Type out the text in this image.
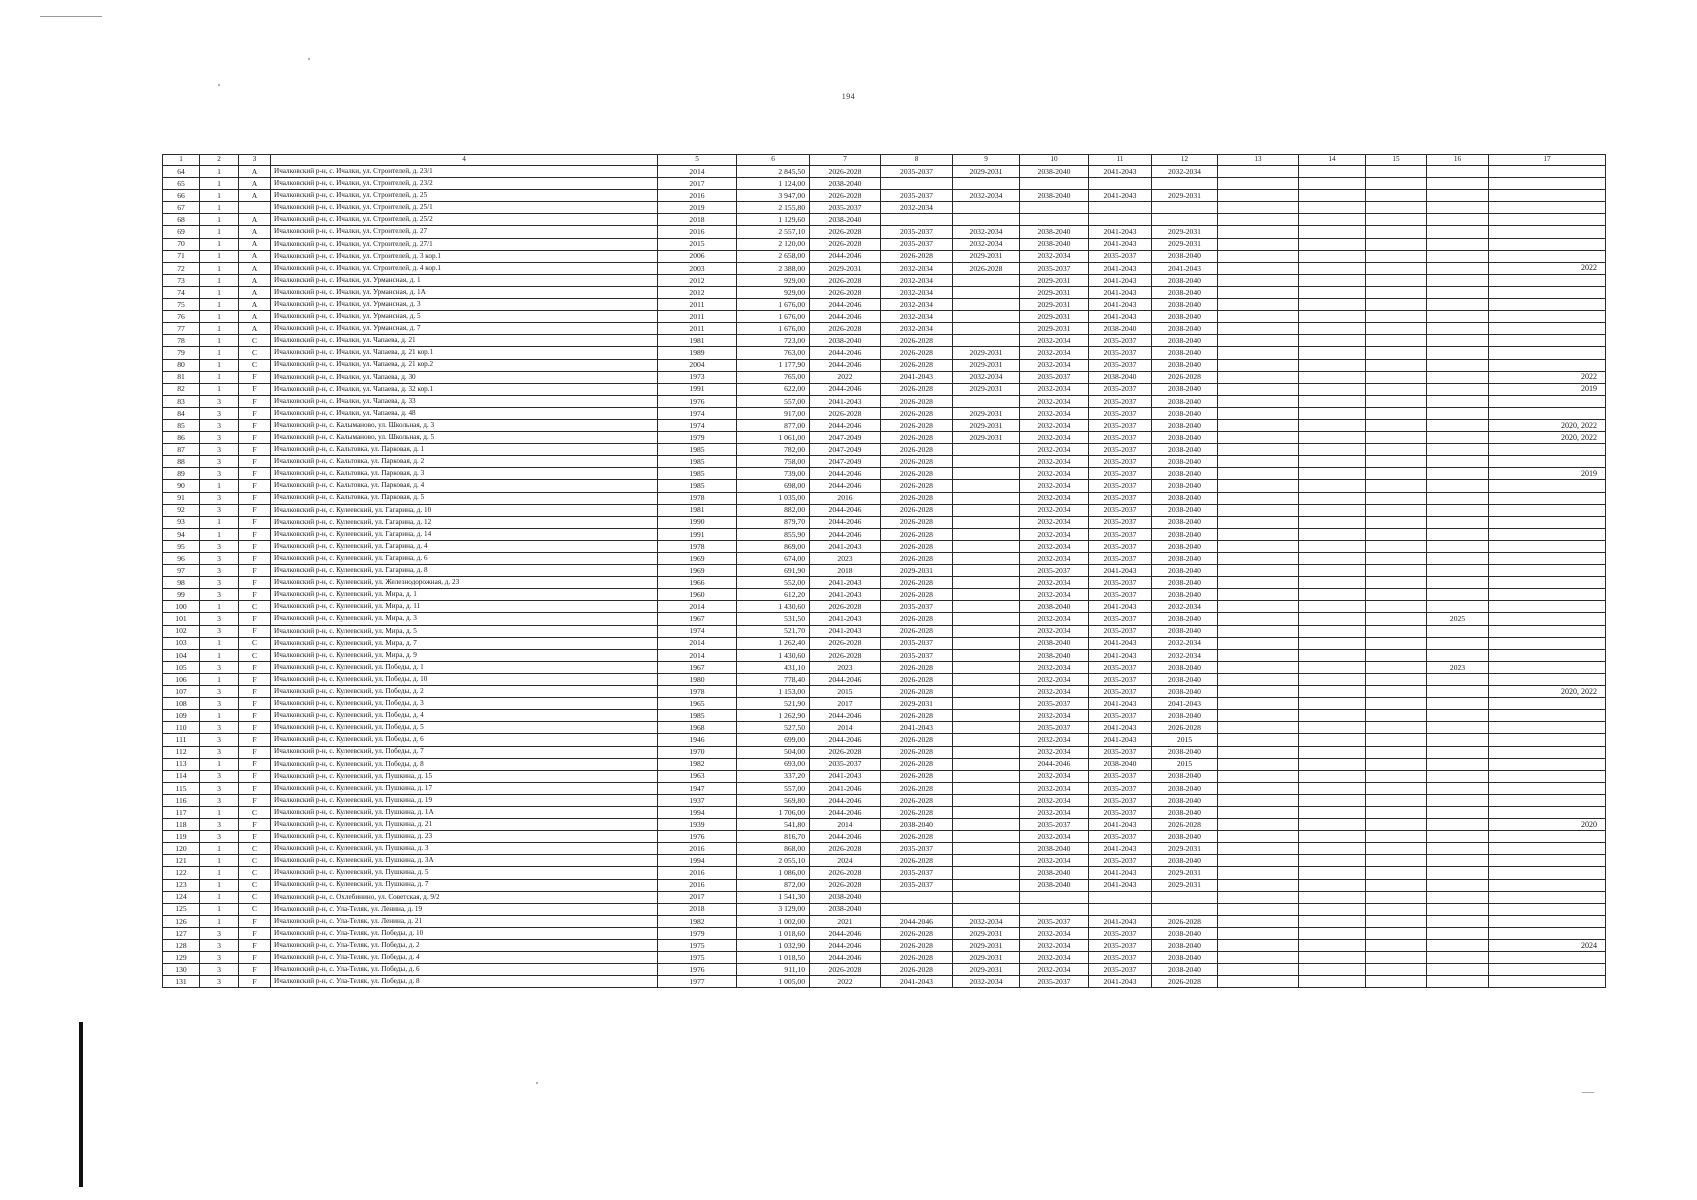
194
1	2	3	4	5	6	7	8	9	10	11	12	13	14	15	16	17
64	1	A	Ичалковский р-н, с. Ичалки, ул. Строителей, д. 23/1	2014	2 845,50	2026-2028	2035-2037	2029-2031	2038-2040	2041-2043	2032-2034					
65	1	A	Ичалковский р-н, с. Ичалки, ул. Строителей, д. 23/2	2017	1 124,00	2038-2040										
66	1	A	Ичалковский р-н, с. Ичалки, ул. Строителей, д. 25	2016	3 947,00	2026-2028	2035-2037	2032-2034	2038-2040	2041-2043	2029-2031					
67	1		Ичалковский р-н, с. Ичалки, ул. Строителей, д. 25/1	2019	2 155,80	2035-2037	2032-2034									
68	1	A	Ичалковский р-н, с. Ичалки, ул. Строителей, д. 25/2	2018	1 129,60	2038-2040										
69	1	A	Ичалковский р-н, с. Ичалки, ул. Строителей, д. 27	2016	2 557,10	2026-2028	2035-2037	2032-2034	2038-2040	2041-2043	2029-2031					
70	1	A	Ичалковский р-н, с. Ичалки, ул. Строителей, д. 27/1	2015	2 120,00	2026-2028	2035-2037	2032-2034	2038-2040	2041-2043	2029-2031					
71	1	A	Ичалковский р-н, с. Ичалки, ул. Строителей, д. 3 кор.1	2006	2 658,00	2044-2046	2026-2028	2029-2031	2032-2034	2035-2037	2038-2040					
72	1	A	Ичалковский р-н, с. Ичалки, ул. Строителей, д. 4 кор.1	2003	2 388,00	2029-2031	2032-2034	2026-2028	2035-2037	2041-2043	2041-2043					2022
73	1	A	Ичалковский р-н, с. Ичалки, ул. Урмансная, д. 1	2012	929,00	2026-2028	2032-2034		2029-2031	2041-2043	2038-2040					
74	1	A	Ичалковский р-н, с. Ичалки, ул. Урмансная, д. 1А	2012	929,00	2026-2028	2032-2034		2029-2031	2041-2043	2038-2040					
75	1	A	Ичалковский р-н, с. Ичалки, ул. Урмансная, д. 3	2011	1 676,00	2044-2046	2032-2034		2029-2031	2041-2043	2038-2040					
76	1	A	Ичалковский р-н, с. Ичалки, ул. Урмансная, д. 5	2011	1 676,00	2044-2046	2032-2034		2029-2031	2041-2043	2038-2040					
77	1	A	Ичалковский р-н, с. Ичалки, ул. Урмансная, д. 7	2011	1 676,00	2026-2028	2032-2034		2029-2031	2038-2040	2038-2040					
78	1	C	Ичалковский р-н, с. Ичалки, ул. Чапаева, д. 21	1981	723,00	2038-2040	2026-2028		2032-2034	2035-2037	2038-2040					
79	1	C	Ичалковский р-н, с. Ичалки, ул. Чапаева, д. 21 кор.1	1989	763,00	2044-2046	2026-2028	2029-2031	2032-2034	2035-2037	2038-2040					
80	1	C	Ичалковский р-н, с. Ичалки, ул. Чапаева, д. 21 кор.2	2004	1 177,90	2044-2046	2026-2028	2029-2031	2032-2034	2035-2037	2038-2040					
81	1	F	Ичалковский р-н, с. Ичалки, ул. Чапаева, д. 30	1973	765,00	2022	2041-2043	2032-2034	2035-2037	2038-2040	2026-2028					2022
82	1	F	Ичалковский р-н, с. Ичалки, ул. Чапаева, д. 32 кор.1	1991	622,00	2044-2046	2026-2028	2029-2031	2032-2034	2035-2037	2038-2040					2019
83	3	F	Ичалковский р-н, с. Ичалки, ул. Чапаева, д. 33	1976	557,00	2041-2043	2026-2028		2032-2034	2035-2037	2038-2040					
84	3	F	Ичалковский р-н, с. Ичалки, ул. Чапаева, д. 48	1974	917,00	2026-2028	2026-2028	2029-2031	2032-2034	2035-2037	2038-2040					
85	3	F	Ичалковский р-н, с. Калыманово, ул. Школьная, д. 3	1974	877,00	2044-2046	2026-2028	2029-2031	2032-2034	2035-2037	2038-2040					2020, 2022
86	3	F	Ичалковский р-н, с. Калыманово, ул. Школьная, д. 5	1979	1 061,00	2047-2049	2026-2028	2029-2031	2032-2034	2035-2037	2038-2040					2020, 2022
87	3	F	Ичалковский р-н, с. Кальтовка, ул. Парковая, д. 1	1985	782,00	2047-2049	2026-2028		2032-2034	2035-2037	2038-2040					
88	3	F	Ичалковский р-н, с. Кальтовка, ул. Парковая, д. 2	1985	758,00	2047-2049	2026-2028		2032-2034	2035-2037	2038-2040					
89	3	F	Ичалковский р-н, с. Кальтовка, ул. Парковая, д. 3	1985	739,00	2044-2046	2026-2028		2032-2034	2035-2037	2038-2040					2019
90	1	F	Ичалковский р-н, с. Кальтовка, ул. Парковая, д. 4	1985	698,00	2044-2046	2026-2028		2032-2034	2035-2037	2038-2040					
91	3	F	Ичалковский р-н, с. Кальтовка, ул. Парковая, д. 5	1978	1 035,00	2016	2026-2028		2032-2034	2035-2037	2038-2040					
92	3	F	Ичалковский р-н, с. Кулеевский, ул. Гагарина, д. 10	1981	882,00	2044-2046	2026-2028		2032-2034	2035-2037	2038-2040					
93	1	F	Ичалковский р-н, с. Кулеевский, ул. Гагарина, д. 12	1990	879,70	2044-2046	2026-2028		2032-2034	2035-2037	2038-2040					
94	1	F	Ичалковский р-н, с. Кулеевский, ул. Гагарина, д. 14	1991	855,90	2044-2046	2026-2028		2032-2034	2035-2037	2038-2040					
95	3	F	Ичалковский р-н, с. Кулеевский, ул. Гагарина, д. 4	1978	869,00	2041-2043	2026-2028		2032-2034	2035-2037	2038-2040					
96	3	F	Ичалковский р-н, с. Кулеевский, ул. Гагарина, д. 6	1969	674,00	2023	2026-2028		2032-2034	2035-2037	2038-2040					
97	3	F	Ичалковский р-н, с. Кулеевский, ул. Гагарина, д. 8	1969	691,90	2018	2029-2031		2035-2037	2041-2043	2038-2040					
98	3	F	Ичалковский р-н, с. Кулеевский, ул. Железнодорожная, д. 23	1966	552,00	2041-2043	2026-2028		2032-2034	2035-2037	2038-2040					
99	3	F	Ичалковский р-н, с. Кулеевский, ул. Мира, д. 1	1960	612,20	2041-2043	2026-2028		2032-2034	2035-2037	2038-2040					
100	1	C	Ичалковский р-н, с. Кулеевский, ул. Мира, д. 11	2014	1 430,60	2026-2028	2035-2037		2038-2040	2041-2043	2032-2034					
101	3	F	Ичалковский р-н, с. Кулеевский, ул. Мира, д. 3	1967	531,50	2041-2043	2026-2028		2032-2034	2035-2037	2038-2040				2025	
102	3	F	Ичалковский р-н, с. Кулеевский, ул. Мира, д. 5	1974	521,70	2041-2043	2026-2028		2032-2034	2035-2037	2038-2040					
103	1	C	Ичалковский р-н, с. Кулеевский, ул. Мира, д. 7	2014	1 262,40	2026-2028	2035-2037		2038-2040	2041-2043	2032-2034					
104	1	C	Ичалковский р-н, с. Кулеевский, ул. Мира, д. 9	2014	1 430,60	2026-2028	2035-2037		2038-2040	2041-2043	2032-2034					
105	3	F	Ичалковский р-н, с. Кулеевский, ул. Победы, д. 1	1967	431,10	2023	2026-2028		2032-2034	2035-2037	2038-2040				2023	
106	1	F	Ичалковский р-н, с. Кулеевский, ул. Победы, д. 10	1980	778,40	2044-2046	2026-2028		2032-2034	2035-2037	2038-2040					
107	3	F	Ичалковский р-н, с. Кулеевский, ул. Победы, д. 2	1978	1 153,00	2015	2026-2028		2032-2034	2035-2037	2038-2040					2020, 2022
108	3	F	Ичалковский р-н, с. Кулеевский, ул. Победы, д. 3	1965	521,90	2017	2029-2031		2035-2037	2041-2043	2041-2043					
109	1	F	Ичалковский р-н, с. Кулеевский, ул. Победы, д. 4	1985	1 262,90	2044-2046	2026-2028		2032-2034	2035-2037	2038-2040					
110	3	F	Ичалковский р-н, с. Кулеевский, ул. Победы, д. 5	1968	527,50	2014	2041-2043		2035-2037	2041-2043	2026-2028					
111	3	F	Ичалковский р-н, с. Кулеевский, ул. Победы, д. 6	1946	699,00	2044-2046	2026-2028		2032-2034	2041-2043	2015					
112	3	F	Ичалковский р-н, с. Кулеевский, ул. Победы, д. 7	1970	504,00	2026-2028	2026-2028		2032-2034	2035-2037	2038-2040					
113	1	F	Ичалковский р-н, с. Кулеевский, ул. Победы, д. 8	1982	693,00	2035-2037	2026-2028		2044-2046	2038-2040	2015					
114	3	F	Ичалковский р-н, с. Кулеевский, ул. Пушкина, д. 15	1963	337,20	2041-2043	2026-2028		2032-2034	2035-2037	2038-2040					
115	3	F	Ичалковский р-н, с. Кулеевский, ул. Пушкина, д. 17	1947	557,00	2041-2046	2026-2028		2032-2034	2035-2037	2038-2040					
116	3	F	Ичалковский р-н, с. Кулеевский, ул. Пушкина, д. 19	1937	569,80	2044-2046	2026-2028		2032-2034	2035-2037	2038-2040					
117	1	C	Ичалковский р-н, с. Кулеевский, ул. Пушкина, д. 1А	1994	1 706,00	2044-2046	2026-2028		2032-2034	2035-2037	2038-2040					
118	3	F	Ичалковский р-н, с. Кулеевский, ул. Пушкина, д. 21	1939	541,80	2014	2038-2040		2035-2037	2041-2043	2026-2028					2020
119	3	F	Ичалковский р-н, с. Кулеевский, ул. Пушкина, д. 23	1976	816,70	2044-2046	2026-2028		2032-2034	2035-2037	2038-2040					
120	1	C	Ичалковский р-н, с. Кулеевский, ул. Пушкина, д. 3	2016	868,00	2026-2028	2035-2037		2038-2040	2041-2043	2029-2031					
121	1	C	Ичалковский р-н, с. Кулеевский, ул. Пушкина, д. 3А	1994	2 055,10	2024	2026-2028		2032-2034	2035-2037	2038-2040					
122	1	C	Ичалковский р-н, с. Кулеевский, ул. Пушкина, д. 5	2016	1 086,00	2026-2028	2035-2037		2038-2040	2041-2043	2029-2031					
123	1	C	Ичалковский р-н, с. Кулеевский, ул. Пушкина, д. 7	2016	872,00	2026-2028	2035-2037		2038-2040	2041-2043	2029-2031					
124	1	C	Ичалковский р-н, с. Охлебинино, ул. Советская, д. 9/2	2017	1 541,30	2038-2040										
125	1	C	Ичалковский р-н, с. Ула-Теляк, ул. Ленина, д. 19	2018	3 129,00	2038-2040										
126	1	F	Ичалковский р-н, с. Ула-Теляк, ул. Ленина, д. 21	1982	1 002,00	2021	2044-2046	2032-2034	2035-2037	2041-2043	2026-2028					
127	3	F	Ичалковский р-н, с. Ула-Теляк, ул. Победы, д. 10	1979	1 018,60	2044-2046	2026-2028	2029-2031	2032-2034	2035-2037	2038-2040					
128	3	F	Ичалковский р-н, с. Ула-Теляк, ул. Победы, д. 2	1975	1 032,90	2044-2046	2026-2028	2029-2031	2032-2034	2035-2037	2038-2040					2024
129	3	F	Ичалковский р-н, с. Ула-Теляк, ул. Победы, д. 4	1975	1 018,50	2044-2046	2026-2028	2029-2031	2032-2034	2035-2037	2038-2040					
130	3	F	Ичалковский р-н, с. Ула-Теляк, ул. Победы, д. 6	1976	911,10	2026-2028	2026-2028	2029-2031	2032-2034	2035-2037	2038-2040					
131	3	F	Ичалковский р-н, с. Ула-Теляк, ул. Победы, д. 8	1977	1 005,00	2022	2041-2043	2032-2034	2035-2037	2041-2043	2026-2028					
